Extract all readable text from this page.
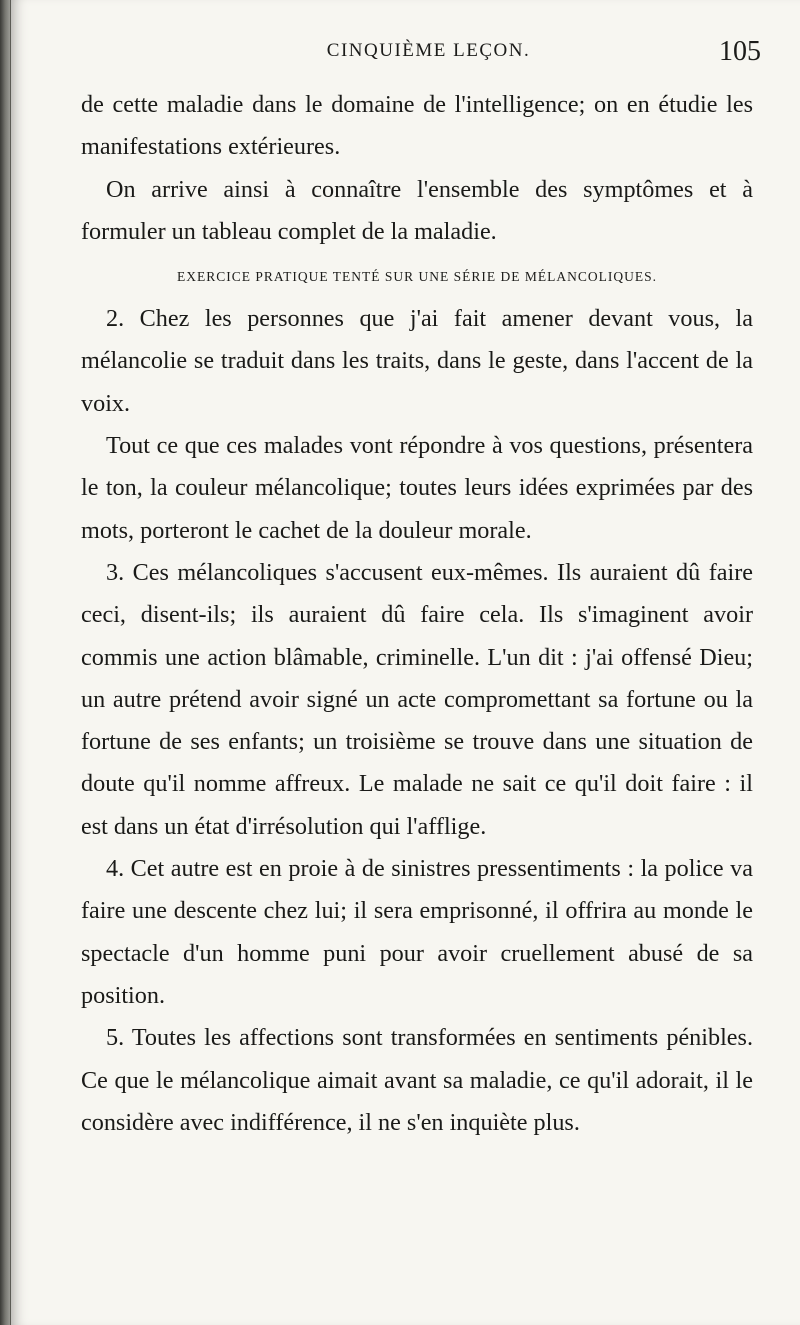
CINQUIÈME LEÇON.	105

de cette maladie dans le domaine de l'intelligence; on en étudie les manifestations extérieures.

On arrive ainsi à connaître l'ensemble des symptômes et à formuler un tableau complet de la maladie.

EXERCICE PRATIQUE TENTÉ SUR UNE SÉRIE DE MÉLANCOLIQUES.

2. Chez les personnes que j'ai fait amener devant vous, la mélancolie se traduit dans les traits, dans le geste, dans l'accent de la voix.

Tout ce que ces malades vont répondre à vos questions, présentera le ton, la couleur mélancolique; toutes leurs idées exprimées par des mots, porteront le cachet de la douleur morale.

3. Ces mélancoliques s'accusent eux-mêmes. Ils auraient dû faire ceci, disent-ils; ils auraient dû faire cela. Ils s'imaginent avoir commis une action blâmable, criminelle. L'un dit : j'ai offensé Dieu; un autre prétend avoir signé un acte compromettant sa fortune ou la fortune de ses enfants; un troisième se trouve dans une situation de doute qu'il nomme affreux. Le malade ne sait ce qu'il doit faire : il est dans un état d'irrésolution qui l'afflige.

4. Cet autre est en proie à de sinistres pressentiments : la police va faire une descente chez lui; il sera emprisonné, il offrira au monde le spectacle d'un homme puni pour avoir cruellement abusé de sa position.

5. Toutes les affections sont transformées en sentiments pénibles. Ce que le mélancolique aimait avant sa maladie, ce qu'il adorait, il le considère avec indifférence, il ne s'en inquiète plus.
